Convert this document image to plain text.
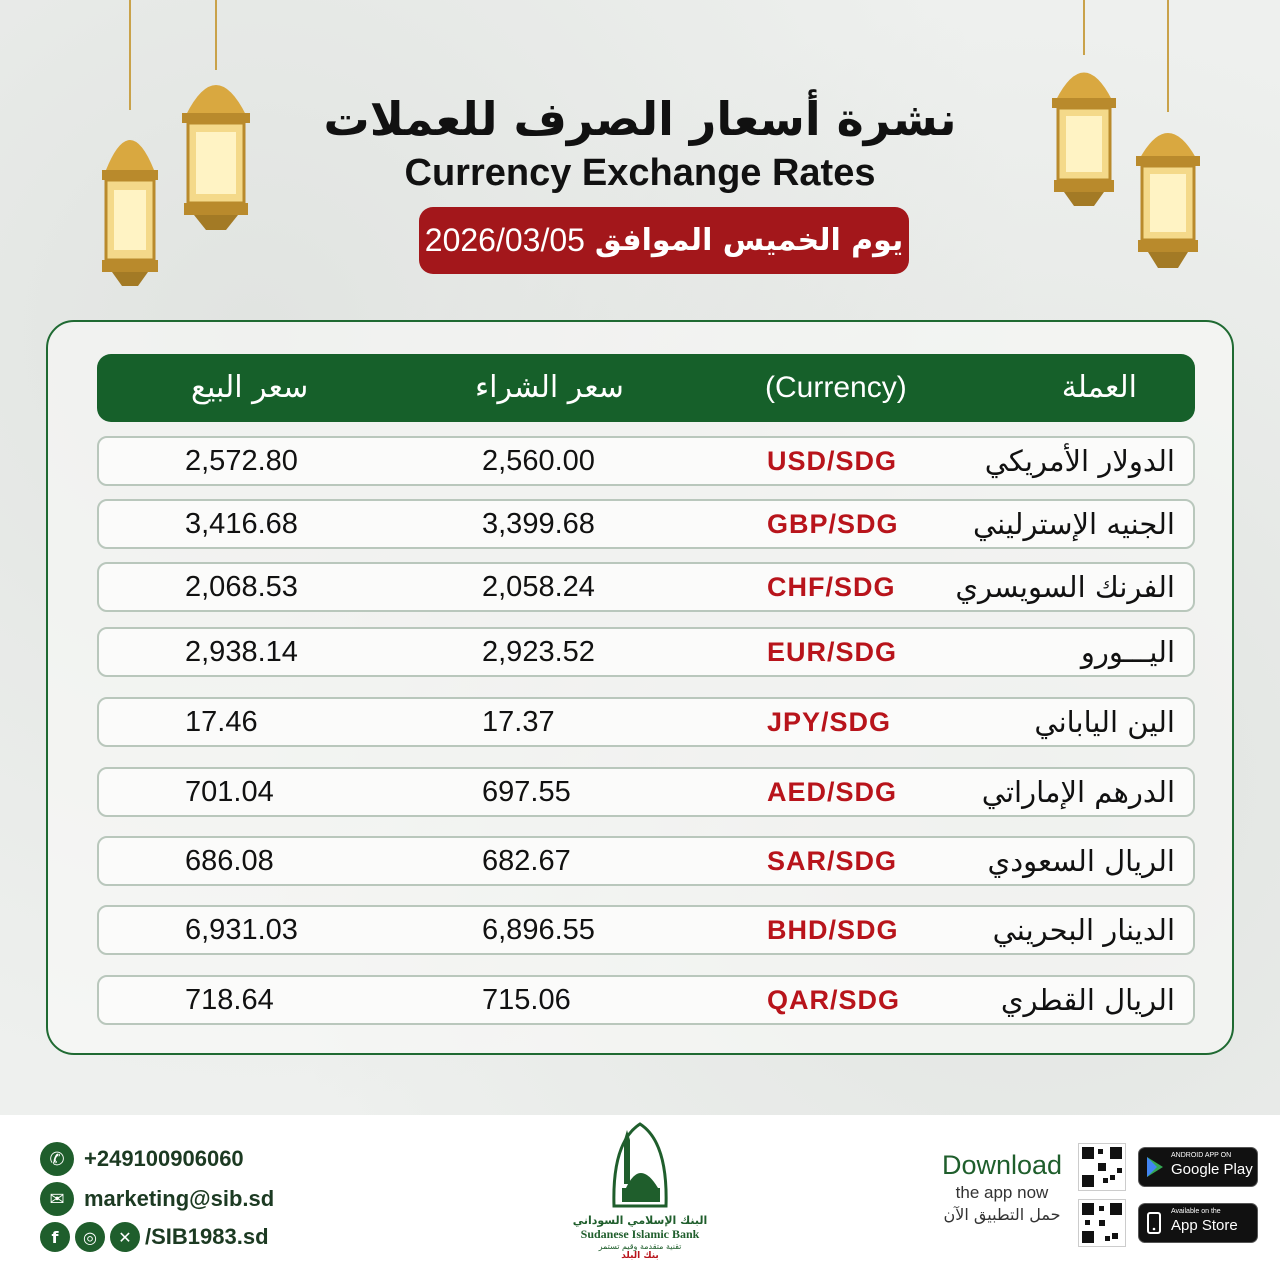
نشرة أسعار الصرف للعملات
Currency Exchange Rates
يوم الخميس الموافق
2026/03/05
العملة
(Currency)
سعر الشراء
سعر البيع
الدولار الأمريكي
USD/SDG
2,560.00
2,572.80
الجنيه الإسترليني
GBP/SDG
3,399.68
3,416.68
الفرنك السويسري
CHF/SDG
2,058.24
2,068.53
اليـــورو
EUR/SDG
2,923.52
2,938.14
الين الياباني
JPY/SDG
17.37
17.46
الدرهم الإماراتي
AED/SDG
697.55
701.04
الريال السعودي
SAR/SDG
682.67
686.08
الدينار البحريني
BHD/SDG
6,896.55
6,931.03
الريال القطري
QAR/SDG
715.06
718.64
✆ +249100906060
✉ marketing@sib.sd
f	◎	✕ /SIB1983.sd
البنك الإسلامي السوداني
Sudanese Islamic Bank
تقنية متقدمة وقيم تستمر
بنك البلد
Download
the app now
حمل التطبيق الآن
ANDROID APP ON
Google Play
Available on the
App Store
